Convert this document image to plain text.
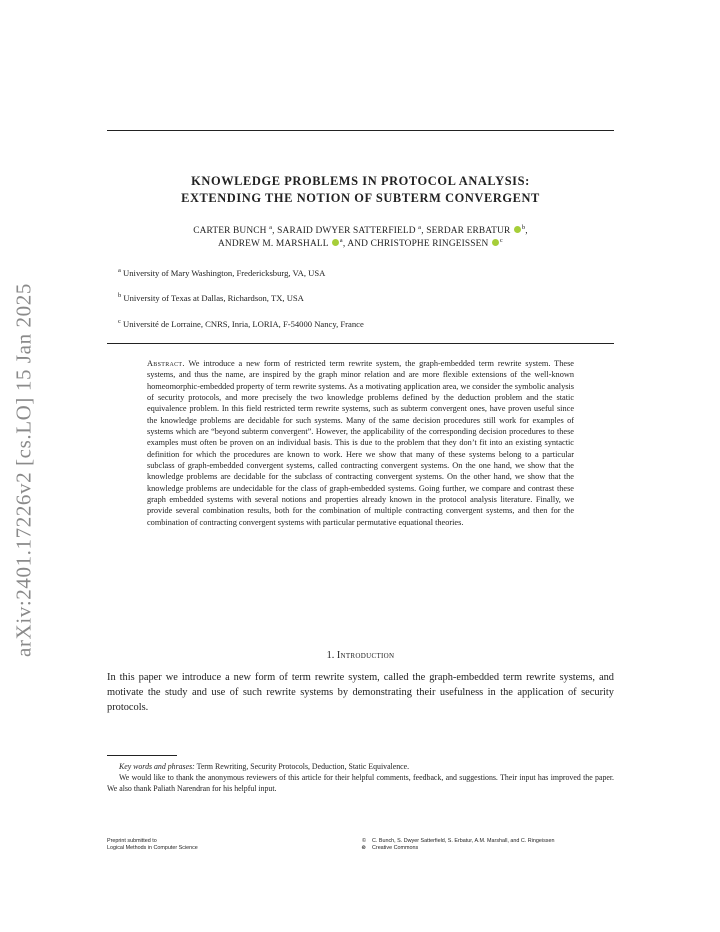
arXiv:2401.17226v2 [cs.LO] 15 Jan 2025
KNOWLEDGE PROBLEMS IN PROTOCOL ANALYSIS:
EXTENDING THE NOTION OF SUBTERM CONVERGENT
CARTER BUNCH $^a$, SARAID DWYER SATTERFIELD $^a$, SERDAR ERBATUR $^b$,
ANDREW M. MARSHALL $^a$, AND CHRISTOPHE RINGEISSEN $^c$
$^a$ University of Mary Washington, Fredericksburg, VA, USA
$^b$ University of Texas at Dallas, Richardson, TX, USA
$^c$ Université de Lorraine, CNRS, Inria, LORIA, F-54000 Nancy, France
Abstract. We introduce a new form of restricted term rewrite system, the graph-embedded term rewrite system. These systems, and thus the name, are inspired by the graph minor relation and are more flexible extensions of the well-known homeomorphic-embedded property of term rewrite systems. As a motivating application area, we consider the symbolic analysis of security protocols, and more precisely the two knowledge problems defined by the deduction problem and the static equivalence problem. In this field restricted term rewrite systems, such as subterm convergent ones, have proven useful since the knowledge problems are decidable for such systems. Many of the same decision procedures still work for examples of systems which are “beyond subterm convergent”. However, the applicability of the corresponding decision procedures to these examples must often be proven on an individual basis. This is due to the problem that they don’t fit into an existing syntactic definition for which the procedures are known to work. Here we show that many of these systems belong to a particular subclass of graph-embedded convergent systems, called contracting convergent systems. On the one hand, we show that the knowledge problems are decidable for the subclass of contracting convergent systems. On the other hand, we show that the knowledge problems are undecidable for the class of graph-embedded systems. Going further, we compare and contrast these graph embedded systems with several notions and properties already known in the protocol analysis literature. Finally, we provide several combination results, both for the combination of multiple contracting convergent systems, and then for the combination of contracting convergent systems with particular permutative equational theories.
1. Introduction
In this paper we introduce a new form of term rewrite system, called the graph-embedded term rewrite systems, and motivate the study and use of such rewrite systems by demonstrating their usefulness in the application of security protocols.

Key words and phrases: Term Rewriting, Security Protocols, Deduction, Static Equivalence.

We would like to thank the anonymous reviewers of this article for their helpful comments, feedback, and suggestions. Their input has improved the paper. We also thank Paliath Narendran for his helpful input.

Preprint submitted to
Logical Methods in Computer Science
© C. Bunch, S. Dwyer Satterfield, S. Erbatur, A.M. Marshall, and C. Ringeissen
🅭 Creative Commons
